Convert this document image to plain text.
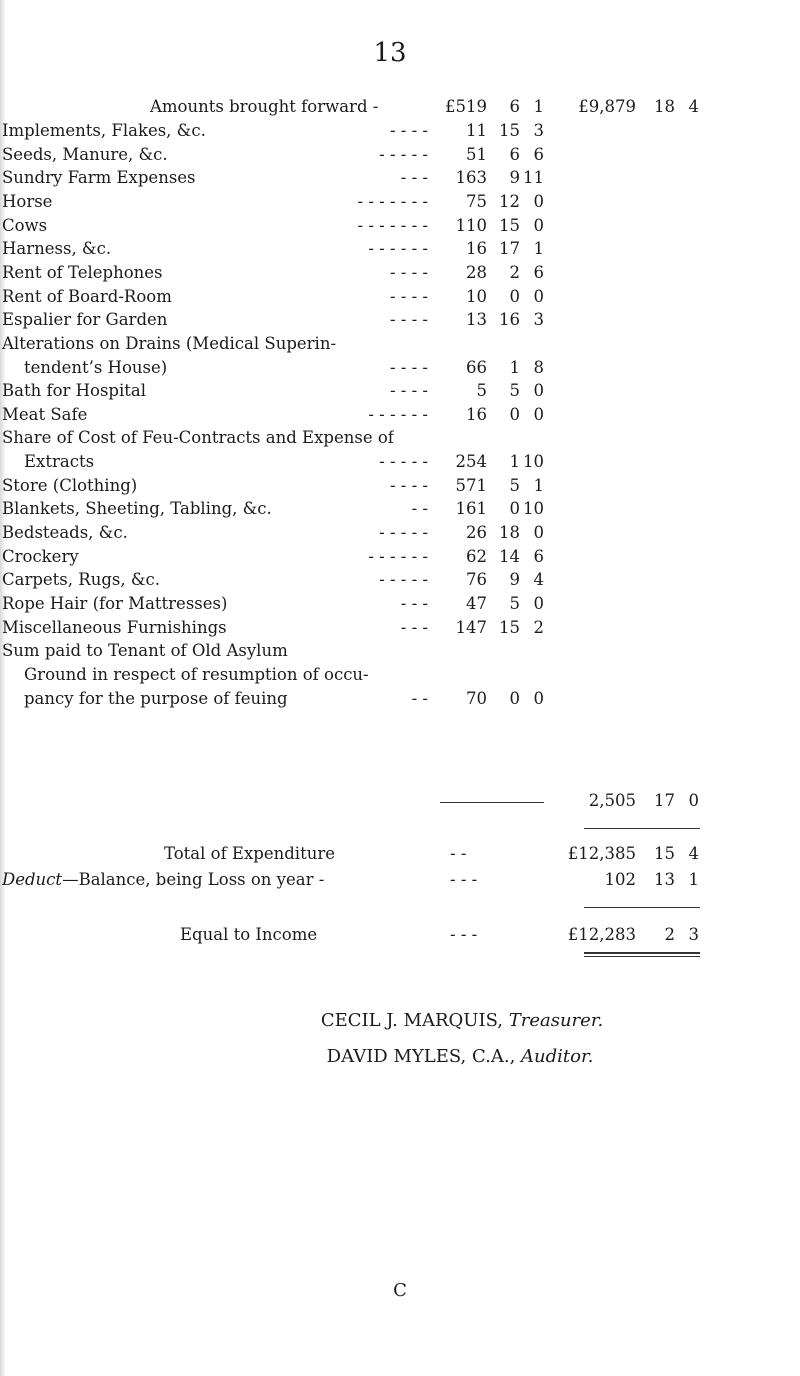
13
Amounts brought forward -	£519	6 1	£9,879	18 4
Implements, Flakes, &c.	- - - -	11 15 3
Seeds, Manure, &c.	- - - - -	51	6 6
Sundry Farm Expenses	- - -	163	9 11
Horse	- - - - - - -	75 12 0
Cows	- - - - - - -	110 15 0
Harness, &c.	- - - - - -	16 17 1
Rent of Telephones	- - - -	28	2 6
Rent of Board-Room	- - - -	10	0 0
Espalier for Garden	- - - -	13 16 3
Alterations on Drains (Medical Superin-
tendent’s House)	- - - -	66	1 8
Bath for Hospital	- - - -	5	5 0
Meat Safe	- - - - - -	16	0 0
Share of Cost of Feu-Contracts and Expense of
Extracts	- - - - -	254	1 10
Store (Clothing)	- - - -	571	5 1
Blankets, Sheeting, Tabling, &c.	- -	161	0 10
Bedsteads, &c.	- - - - -	26 18 0
Crockery	- - - - - -	62 14 6
Carpets, Rugs, &c.	- - - - -	76	9 4
Rope Hair (for Mattresses)	- - -	47	5 0
Miscellaneous Furnishings	- - -	147 15 2
Sum paid to Tenant of Old Asylum
Ground in respect of resumption of occu-
pancy for the purpose of feuing	- -	70	0 0
2,505	17 0
Total of Expenditure	- -	£12,385	15 4
Deduct—Balance, being Loss on year -	- - -	102	13 1
Equal to Income	- - -	£12,283	2 3
CECIL J. MARQUIS, Treasurer.
DAVID MYLES, C.A., Auditor.
C
